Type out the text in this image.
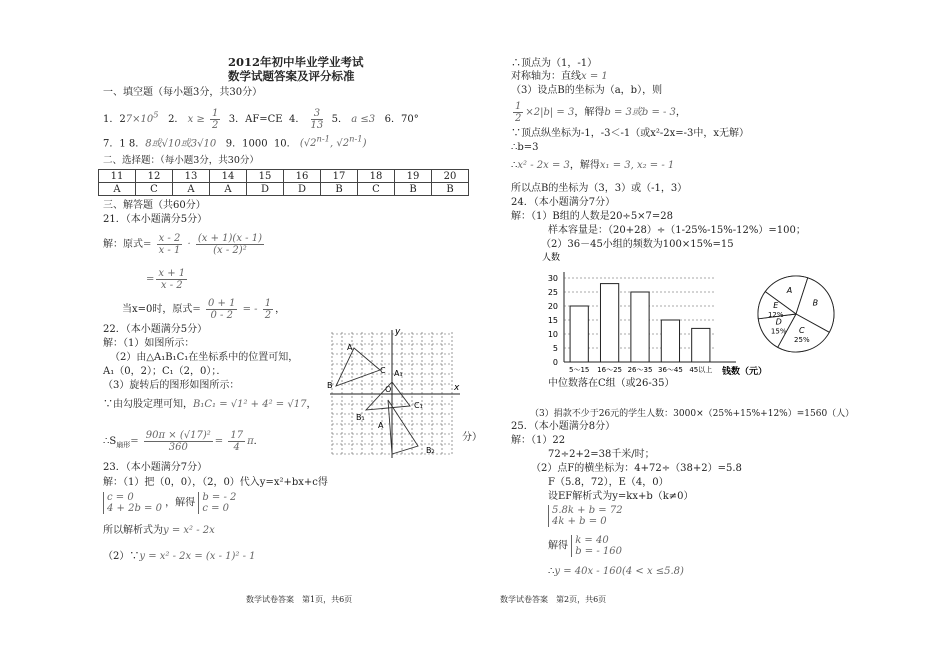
2012年初中毕业学业考试
数学试题答案及评分标准
一、填空题（每小题3分，共30分）
1．$27\times 10^5$ 2． $x \ge \frac{1}{2} 3$．AF=CE 4． $\frac{3}{13} 5$． a ≤3 6．70°
7．1 8．8或√10或3√10 9．1000 10． (√2$^{n-1}$, √2$^{n-1}$)
二、选择题：（每小题3分，共30分）
11	12	13	14	15	16	17	18	19	20
A	C	A	A	D	D	B	C	B	B
三、解答题（共60分）
21．（本小题满分5分）
解：原式= $\frac{x - 2}{x - 1} \cdot \frac{(x + 1)(x - 1)}{\text{(x - 2)²}}$
= $\frac{x + 1}{x - 2}$
当x=0时，原式= $\frac{0 + 1}{0 - 2}$ = - $\frac{1}{2}$ ，
22．（本小题满分5分）
解：（1）如图所示：
（2）由△A₁B₁C₁在坐标系中的位置可知，
A₁（0，2）；C₁（2，0）；．
（3）旋转后的图形如图所示：
∵由勾股定理可知，B₁C₁ = √1² + 4² = √17，
$\therefore S_{扇形}= \frac{\text{90π × (√17)²}}{360} = \frac{17}{4}$ π．	分）
y
x
O
A
B
C A₁
B₁
C₁
A
B₂
23．（本小题满分7分）
解：（1）把（0，0），（2，0）代入y=x²+bx+c得
c = 0
4 + 2b = 0 ，解得 b = - 2
c = 0
所以解析式为y = x² - 2x
（2）∵y = x² - 2x = (x - 1)² - 1
数学试卷答案　第1页，共6页
∴顶点为（1，-1）
对称轴为：直线x = 1
（3）设点B的坐标为（a，b），则
$\frac{1}{2} \times 2|b| = 3$，解得b = 3或b = - 3，
∵顶点纵坐标为-1，-3＜-1（或x²-2x=-3中，x无解）
∴b=3
∴x² - 2x = 3，解得x₁ = 3, x₂ = - 1
所以点B的坐标为（3，3）或（-1，3）
24．（本小题满分7分）
解：（1）B组的人数是20÷5×7=28
样本容量是：（20+28）÷（1-25%-15%-12%）=100；
（2）36－45小组的频数为100×15%=15
人数
0
5
10
15
20
25
30
5～15 16～25 26～35 36～45 45以上 钱数（元）
A
B
C
25%
D
15%
E
12%
中位数落在C组（或26-35）
（3）捐款不少于26元的学生人数：3000×（25%+15%+12%）=1560（人）
25．（本小题满分8分）
解：（1）22
72÷2+2=38千米/时；
（2）点F的横坐标为：4+72÷（38+2）=5.8
F（5.8，72），E（4，0）
设EF解析式为y=kx+b（k≠0）
5.8k + b = 72
4k + b = 0
解得 k = 40
b = - 160
∴y = 40x - 160(4 < x ≤5.8)
数学试卷答案　第2页，共6页
